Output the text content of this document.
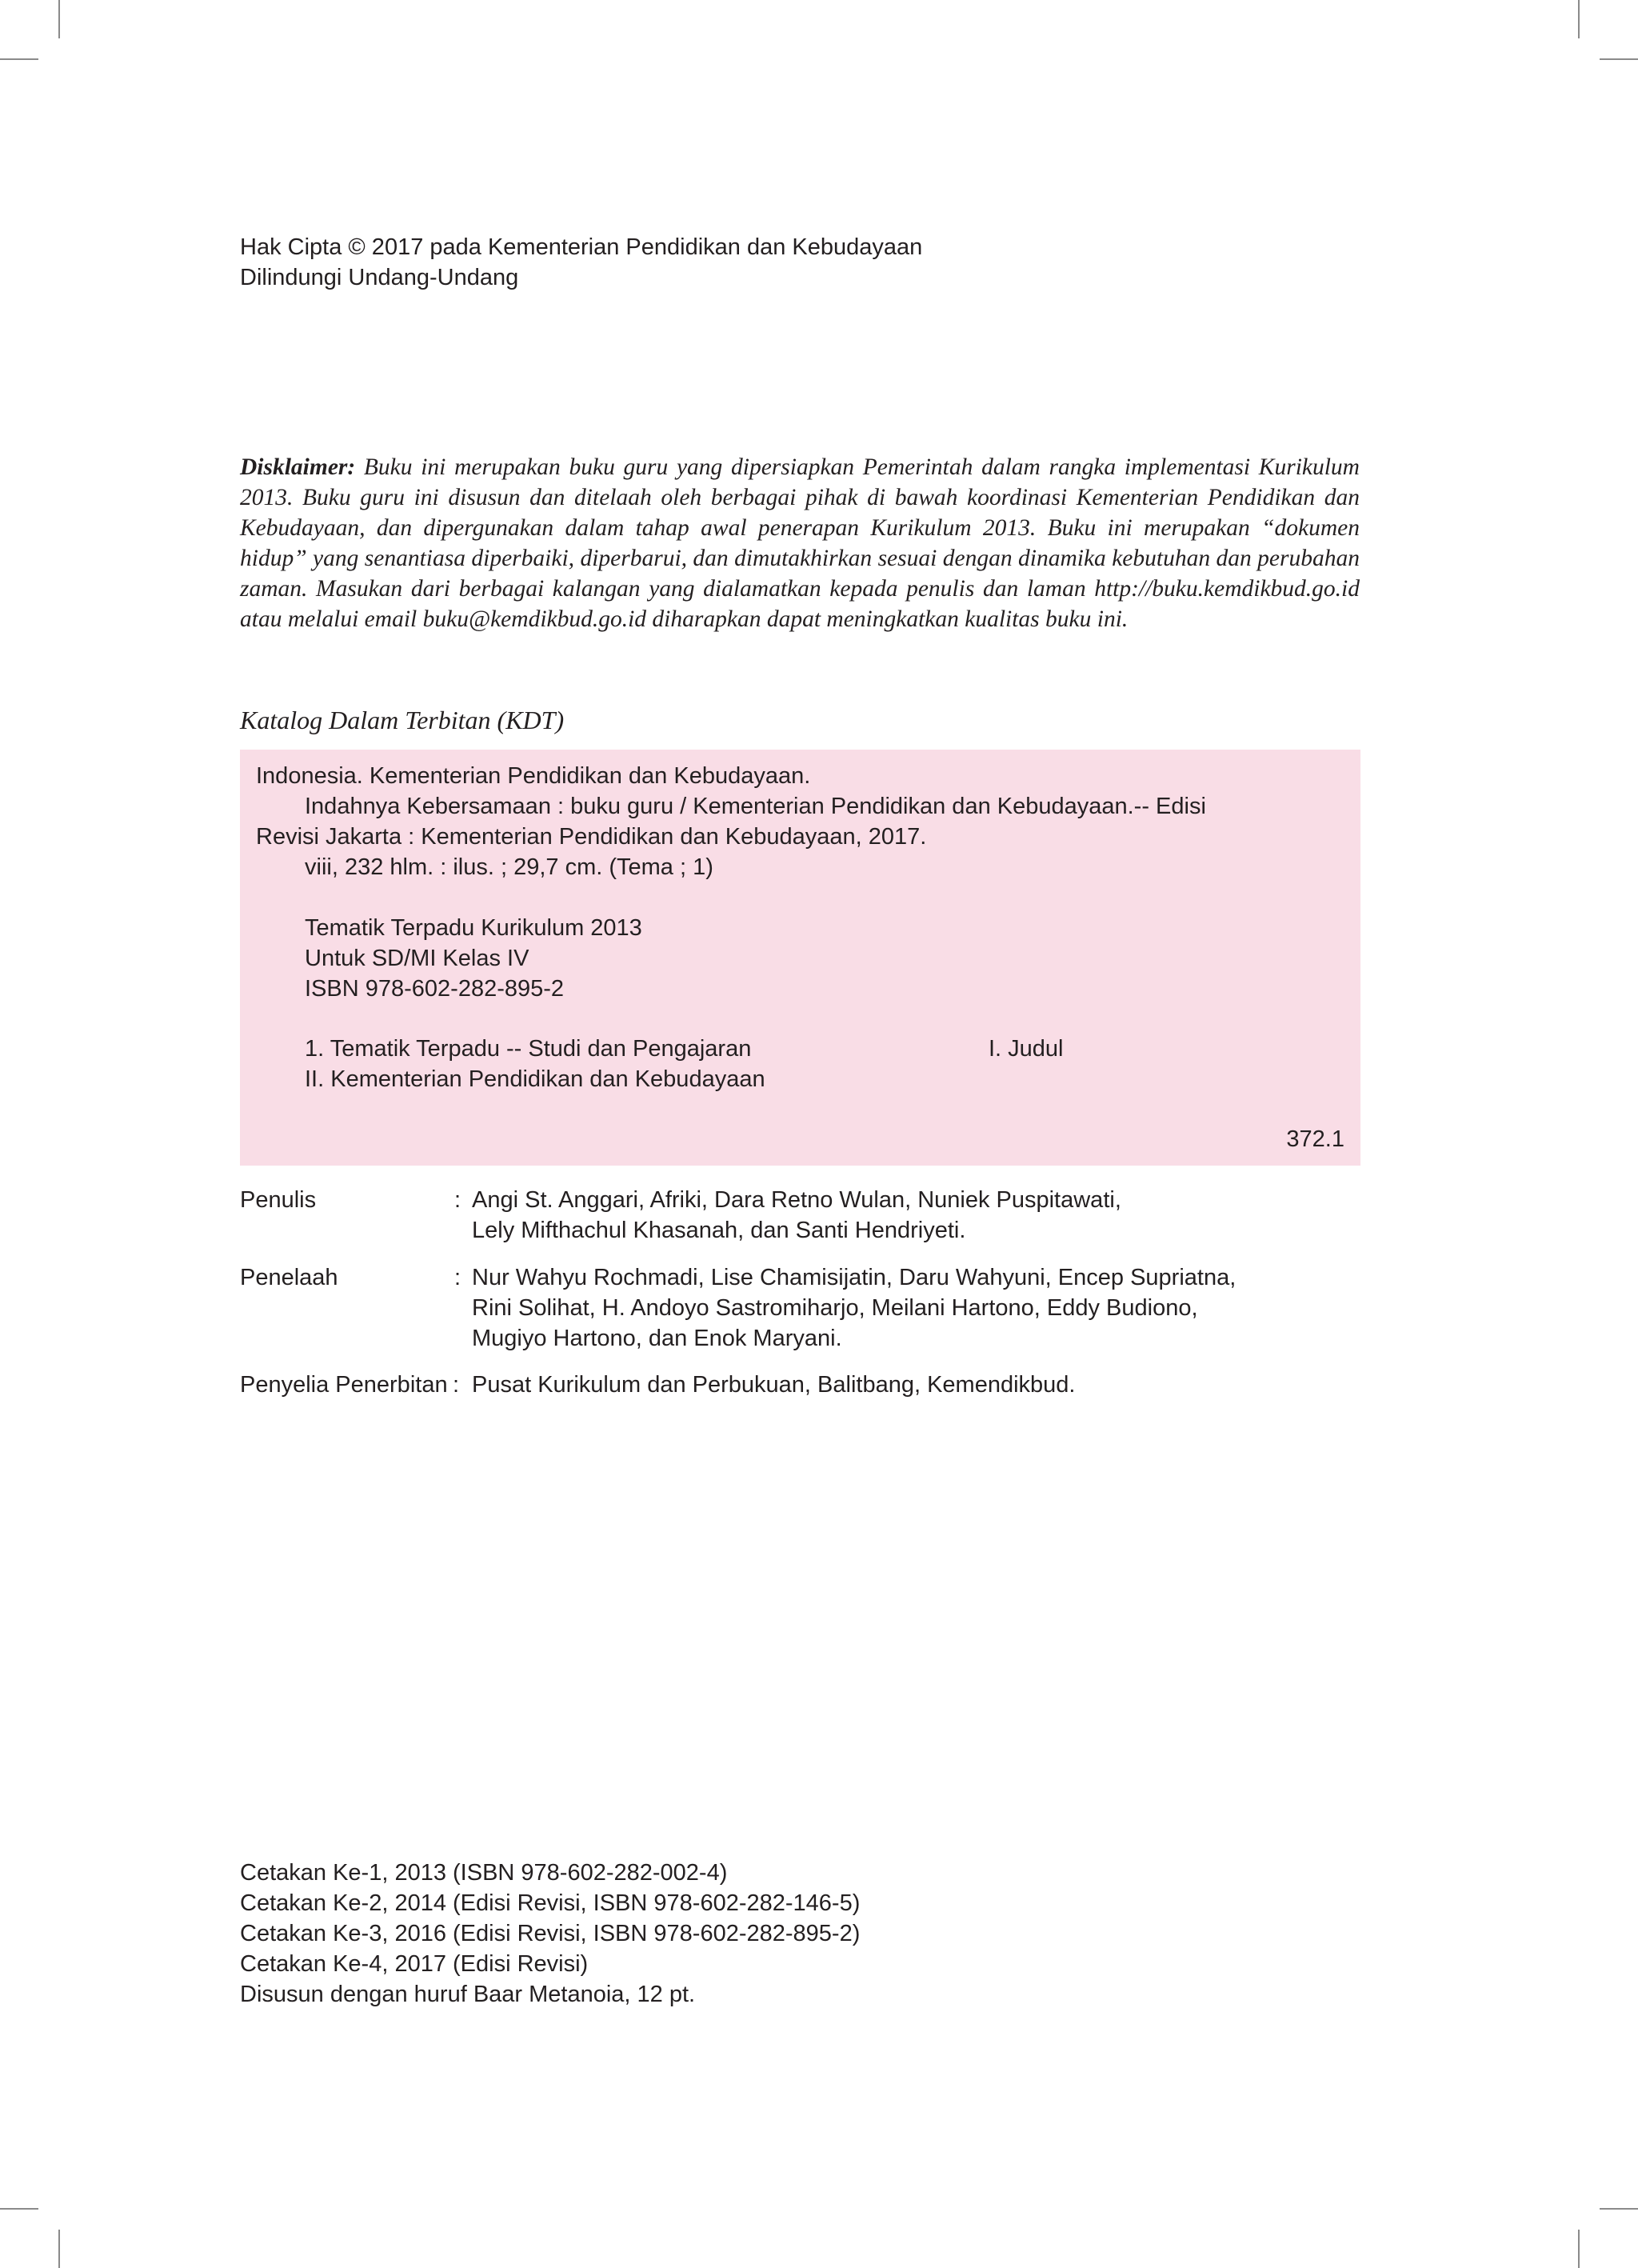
Hak Cipta © 2017 pada Kementerian Pendidikan dan Kebudayaan
Dilindungi Undang-Undang
Disklaimer: Buku ini merupakan buku guru yang dipersiapkan Pemerintah dalam rangka implementasi Kurikulum 2013. Buku guru ini disusun dan ditelaah oleh berbagai pihak di bawah koordinasi Kementerian Pendidikan dan Kebudayaan, dan dipergunakan dalam tahap awal penerapan Kurikulum 2013. Buku ini merupakan “dokumen hidup” yang senantiasa diperbaiki, diperbarui, dan dimutakhirkan sesuai dengan dinamika kebutuhan dan perubahan zaman. Masukan dari berbagai kalangan yang dialamatkan kepada penulis dan laman http://buku.kemdikbud.go.id atau melalui email buku@kemdikbud.go.id diharapkan dapat meningkatkan kualitas buku ini.
Katalog Dalam Terbitan (KDT)
Indonesia. Kementerian Pendidikan dan Kebudayaan.
Indahnya Kebersamaan : buku guru / Kementerian Pendidikan dan Kebudayaan.-- Edisi
Revisi Jakarta : Kementerian Pendidikan dan Kebudayaan, 2017.
viii, 232 hlm. : ilus. ; 29,7 cm. (Tema ; 1)
Tematik Terpadu Kurikulum 2013
Untuk SD/MI Kelas IV
ISBN 978-602-282-895-2
1. Tematik Terpadu -- Studi dan Pengajaran	I. Judul
II. Kementerian Pendidikan dan Kebudayaan
372.1
Penulis	: Angi St. Anggari, Afriki, Dara Retno Wulan, Nuniek Puspitawati,
Lely Mifthachul Khasanah, dan Santi Hendriyeti.
Penelaah	: Nur Wahyu Rochmadi, Lise Chamisijatin, Daru Wahyuni, Encep Supriatna,
Rini Solihat, H. Andoyo Sastromiharjo, Meilani Hartono, Eddy Budiono,
Mugiyo Hartono, dan Enok Maryani.
Penyelia Penerbitan : Pusat Kurikulum dan Perbukuan, Balitbang, Kemendikbud.
Cetakan Ke-1, 2013 (ISBN 978-602-282-002-4)
Cetakan Ke-2, 2014 (Edisi Revisi, ISBN 978-602-282-146-5)
Cetakan Ke-3, 2016 (Edisi Revisi, ISBN 978-602-282-895-2)
Cetakan Ke-4, 2017 (Edisi Revisi)
Disusun dengan huruf Baar Metanoia, 12 pt.
